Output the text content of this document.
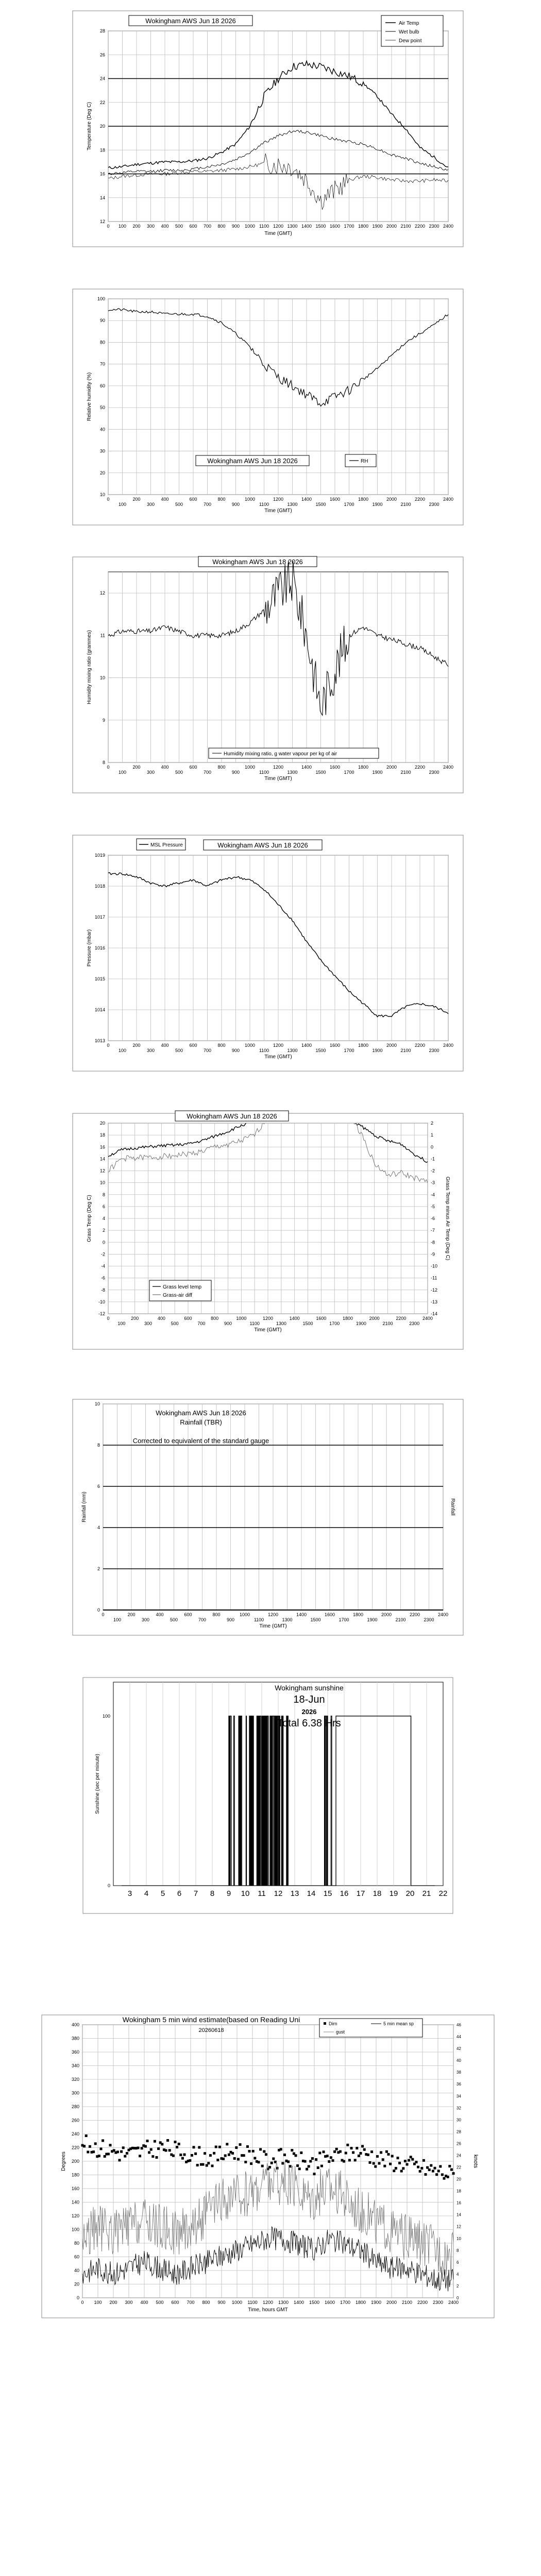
0 100 200 300 400 500 600 700 800 900 1000 1100 1200 1300 1400 1500 1600 1700 1800 1900 2000 2100 2200 2300 2400
12
14
16
18
20
22
24
26
28
Time (GMT)
Temperature (Deg C)
Wokingham AWS Jun 18 2026	Air Temp
Wet bulb
Dew point
0
100
200
300
400
500
600
700
800
900
1000
1100
1200
1300
1400
1500
1600
1700
1800
1900
2000
2100
2200
2300
2400
10
20
30
40
50
60
70
80
90
100
Time (GMT)
Relative humidity (%)
Wokingham AWS Jun 18 2026	RH
0
100
200
300
400
500
600
700
800
900
1000
1100
1200
1300
1400
1500
1600
1700
1800
1900
2000
2100
2200
2300
2400
8
9
10
11
12
Time (GMT)
Humidity mixing ratio (grammes)
Wokingham AWS Jun 18 2026
Humidity mixing ratio, g water vapour per kg of air
0
100
200
300
400
500
600
700
800
900
1000
1100
1200
1300
1400
1500
1600
1700
1800
1900
2000
2100
2200
2300
2400
1013
1014
1015
1016
1017
1018
1019
Time (GMT)
Pressure (mbar)
MSL Pressure	Wokingham AWS Jun 18 2026
0
100
200
300
400
500
600
700
800
900
1000
1100
1200
1300
1400
1500
1600
1700
1800
1900
2000
2100
2200
2300
2400
-12
-10
-8
-6
-4
-2
0
2
4
6
8
10
12
14
16
18
20
Time (GMT)
Grass Temp (Deg C)
-14
-13
-12
-11
-10
-9
-8
-7
-6
-5
-4
-3
-2
-1
0
1
2
Grass Temp minus Air Temp (Deg C)
Wokingham AWS Jun 18 2026
Grass level temp
Grass-air diff
0
100
200
300
400
500
600
700
800
900
1000
1100
1200
1300
1400
1500
1600
1700
1800
1900
2000
2100
2200
2300
2400
0
2
4
6
8
10
Time (GMT)
Rainfall (mm)	Rainfall
Wokingham AWS Jun 18 2026
Rainfall (TBR)
Corrected to equivalent of the standard gauge
3 4 5 6 7 8 9 10 11 12 13 14 15 16 17 18 19 20 21 22
0
100
Sunshine (sec per minute)
Wokingham sunshine
18-Jun
2026
Total 6.38 Hrs
0 100 200 300 400 500 600 700 800 900 1000 1100 1200 1300 1400 1500 1600 1700 1800 1900 2000 2100 2200 2300 2400
0
20
40
60
80
100
120
140
160
180
200
220
240
260
280
300
320
340
360
380
400
Time, hours GMT
Degrees
0
2
4
6
8
10
12
14
16
18
20
22
24
26
28
30
32
34
36
38
40
42
44
46
knots
Wokingham 5 min wind estimate(based on Reading Uni
20260618
Dirn	5 min mean sp
gust
